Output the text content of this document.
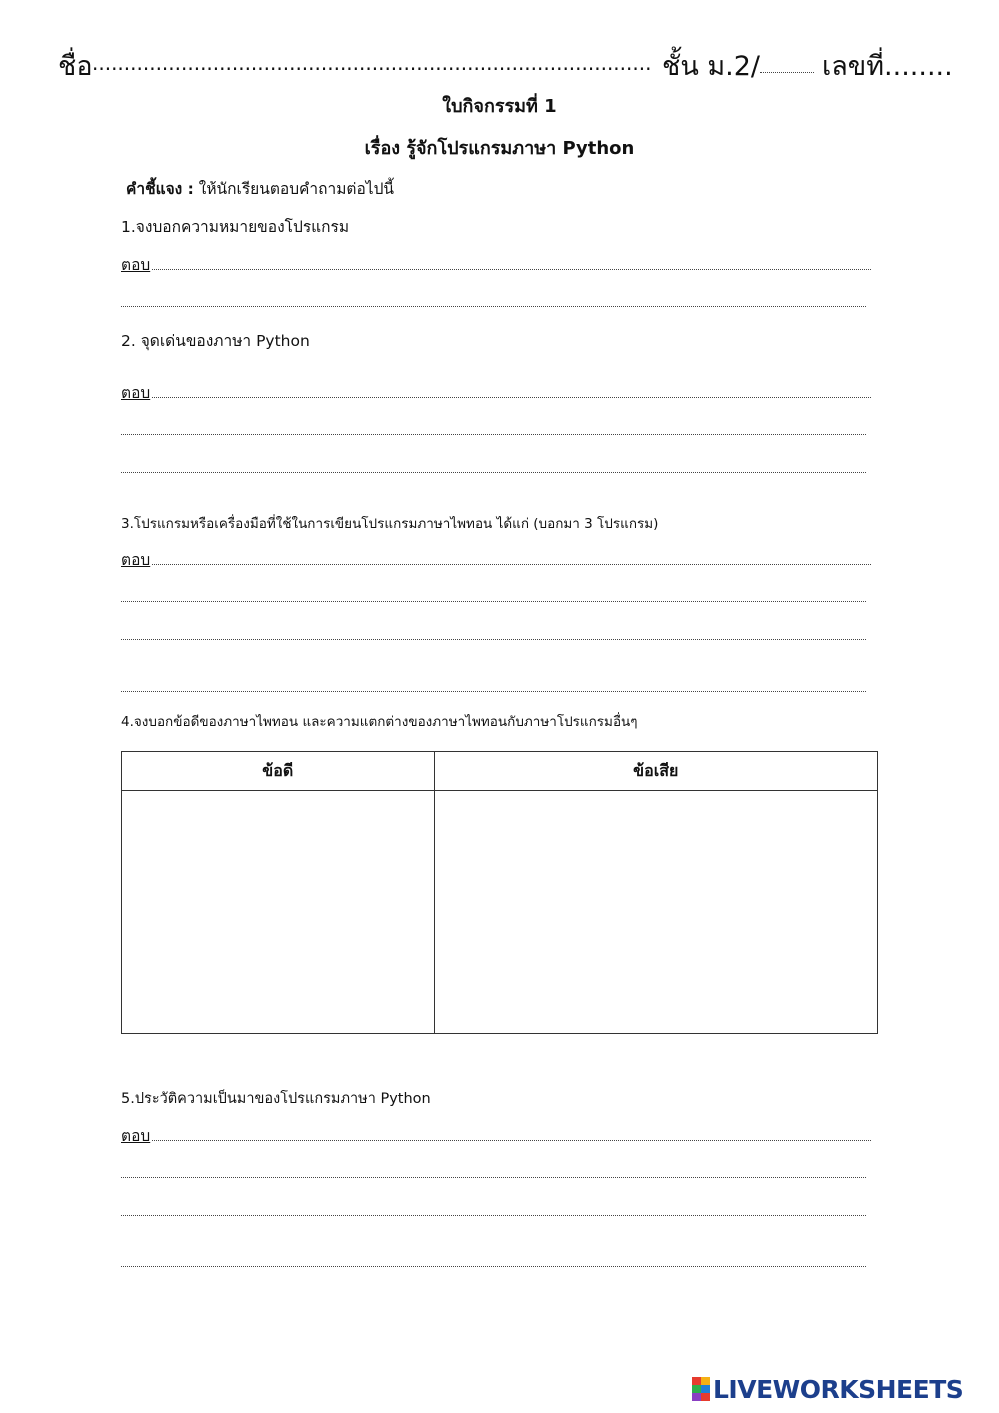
ชื่อ ........................................................................................ ชั้น ม.2/ เลขที่........
ใบกิจกรรมที่ 1
เรื่อง รู้จักโปรแกรมภาษา Python
คำชี้แจง : ให้นักเรียนตอบคำถามต่อไปนี้
1.จงบอกความหมายของโปรแกรม
ตอบ
2. จุดเด่นของภาษา Python
ตอบ
3.โปรแกรมหรือเครื่องมือที่ใช้ในการเขียนโปรแกรมภาษาไพทอน ได้แก่ (บอกมา 3 โปรแกรม)
ตอบ
4.จงบอกข้อดีของภาษาไพทอน และความแตกต่างของภาษาไพทอนกับภาษาโปรแกรมอื่นๆ
ข้อดี	ข้อเสีย

5.ประวัติความเป็นมาของโปรแกรมภาษา Python
ตอบ
LIVEWORKSHEETS
